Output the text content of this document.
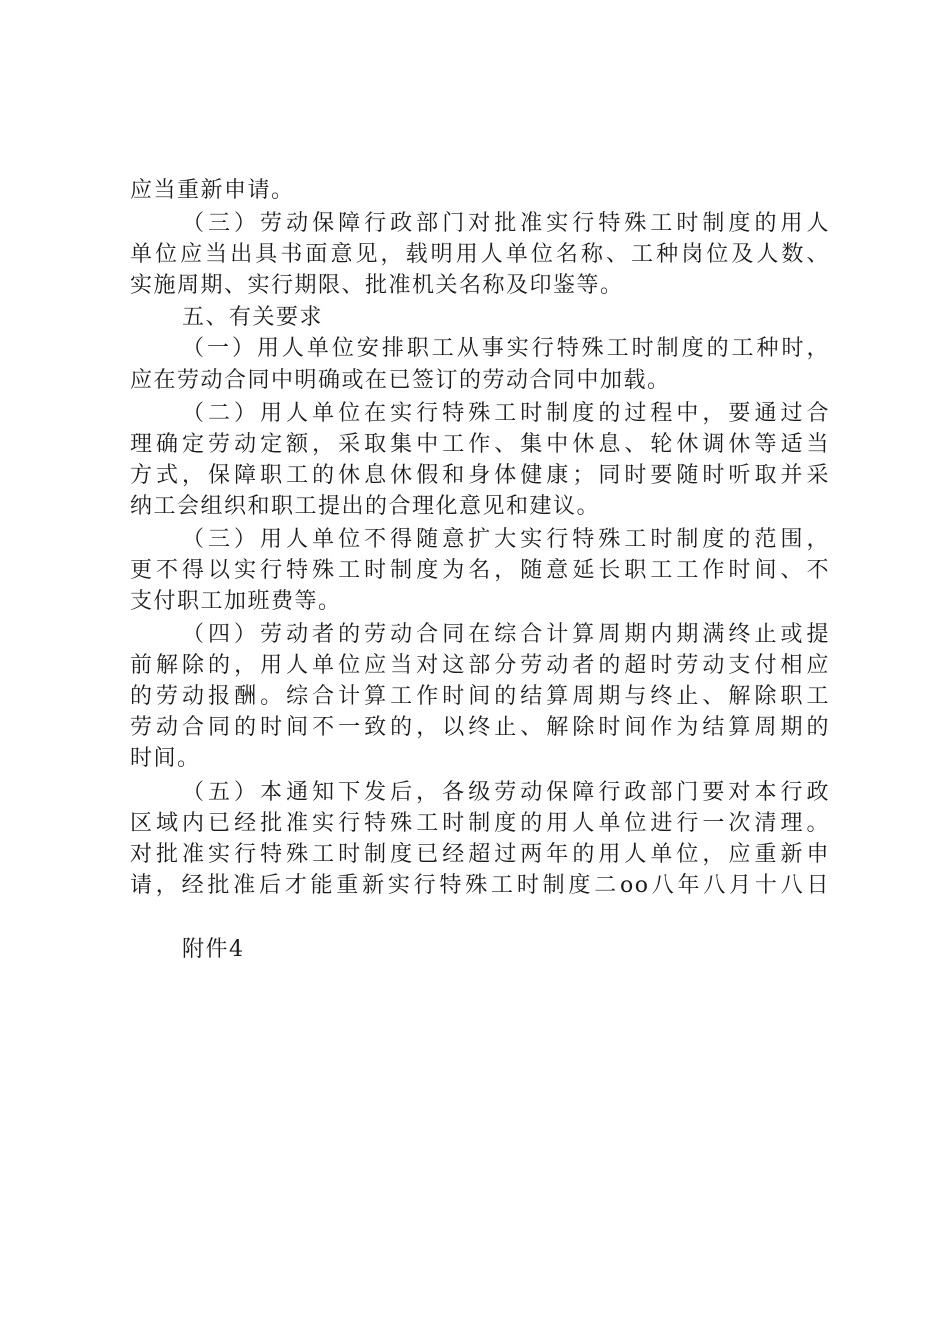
应当重新申请。
（三）劳动保障行政部门对批准实行特殊工时制度的用人
单位应当出具书面意见，载明用人单位名称、工种岗位及人数、
实施周期、实行期限、批准机关名称及印鉴等。
五、有关要求
（一）用人单位安排职工从事实行特殊工时制度的工种时，
应在劳动合同中明确或在已签订的劳动合同中加载。
（二）用人单位在实行特殊工时制度的过程中，要通过合
理确定劳动定额，采取集中工作、集中休息、轮休调休等适当
方式，保障职工的休息休假和身体健康；同时要随时听取并采
纳工会组织和职工提出的合理化意见和建议。
（三）用人单位不得随意扩大实行特殊工时制度的范围，
更不得以实行特殊工时制度为名，随意延长职工工作时间、不
支付职工加班费等。
（四）劳动者的劳动合同在综合计算周期内期满终止或提
前解除的，用人单位应当对这部分劳动者的超时劳动支付相应
的劳动报酬。综合计算工作时间的结算周期与终止、解除职工
劳动合同的时间不一致的，以终止、解除时间作为结算周期的
时间。
（五）本通知下发后，各级劳动保障行政部门要对本行政
区域内已经批准实行特殊工时制度的用人单位进行一次清理。
对批准实行特殊工时制度已经超过两年的用人单位，应重新申
请，经批准后才能重新实行特殊工时制度二oo八年八月十八日
附件4
